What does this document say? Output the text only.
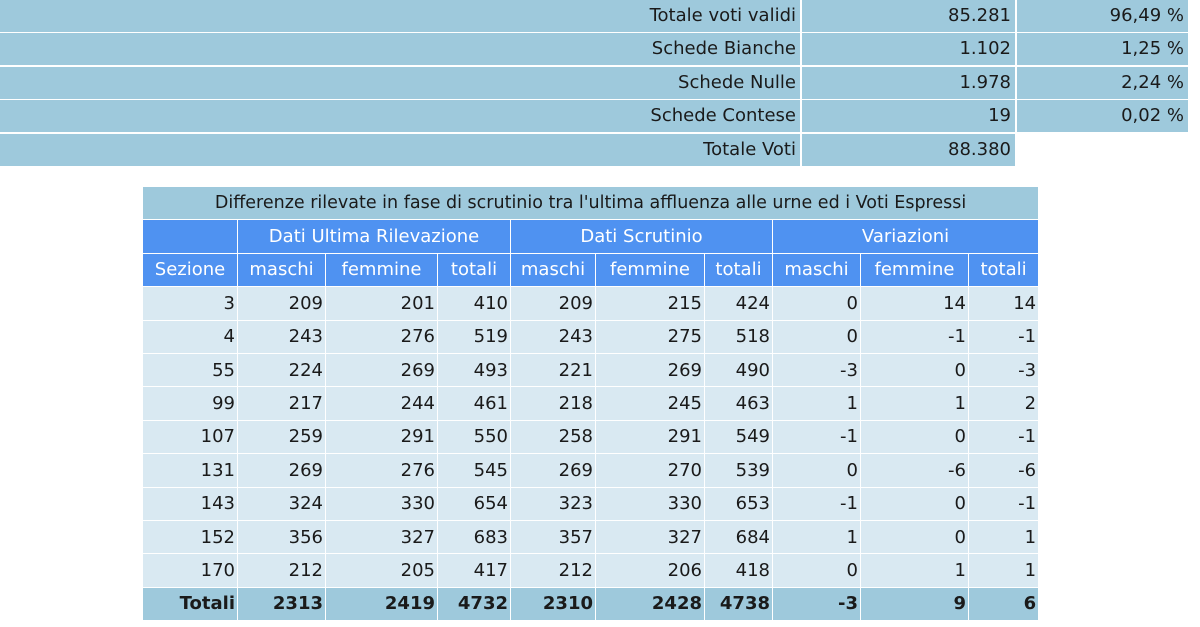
Totale voti validi	85.281	96,49 %
Schede Bianche	1.102	1,25 %
Schede Nulle	1.978	2,24 %
Schede Contese	19	0,02 %
Totale Voti	88.380
Differenze rilevate in fase di scrutinio tra l'ultima affluenza alle urne ed i Voti Espressi									
	Dati Ultima Rilevazione			Dati Scrutinio			Variazioni		
Sezione	maschi	femmine	totali	maschi	femmine	totali	maschi	femmine	totali
3	209	201	410	209	215	424	0	14	14
4	243	276	519	243	275	518	0	-1	-1
55	224	269	493	221	269	490	-3	0	-3
99	217	244	461	218	245	463	1	1	2
107	259	291	550	258	291	549	-1	0	-1
131	269	276	545	269	270	539	0	-6	-6
143	324	330	654	323	330	653	-1	0	-1
152	356	327	683	357	327	684	1	0	1
170	212	205	417	212	206	418	0	1	1
Totali	2313	2419	4732	2310	2428	4738	-3	9	6
